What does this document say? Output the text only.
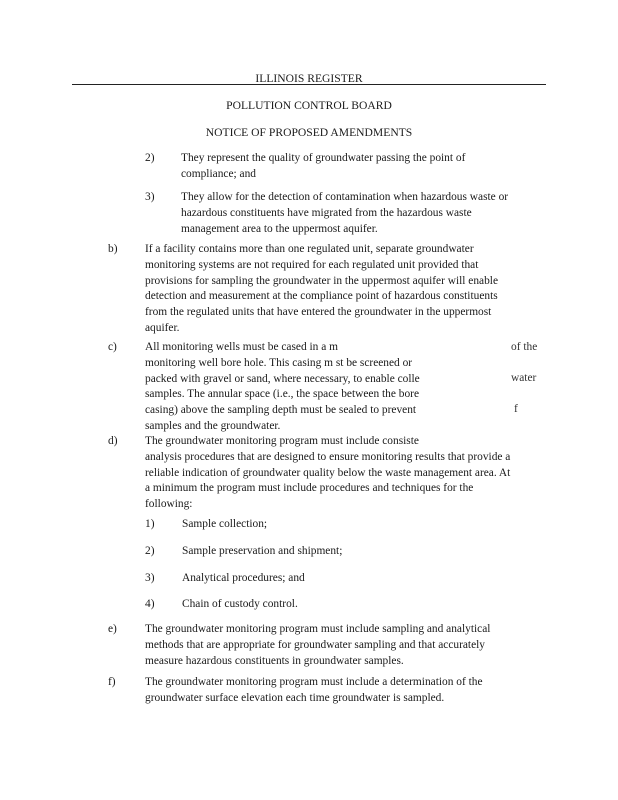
ILLINOIS REGISTER
POLLUTION CONTROL BOARD
NOTICE OF PROPOSED AMENDMENTS
2) They represent the quality of groundwater passing the point of
compliance; and
3) They allow for the detection of contamination when hazardous waste or
hazardous constituents have migrated from the hazardous waste
management area to the uppermost aquifer.
b) If a facility contains more than one regulated unit, separate groundwater
monitoring systems are not required for each regulated unit provided that
provisions for sampling the groundwater in the uppermost aquifer will enable
detection and measurement at the compliance point of hazardous constituents
from the regulated units that have entered the groundwater in the uppermost
aquifer.
c) All monitoring wells must be cased in a m
monitoring well bore hole. This casing m st be screened or
packed with gravel or sand, where necessary, to enable colle
samples. The annular space (i.e., the space between the bore
casing) above the sampling depth must be sealed to prevent
samples and the groundwater.
of the
water
f
d) The groundwater monitoring program must include consiste
analysis procedures that are designed to ensure monitoring results that provide a
reliable indication of groundwater quality below the waste management area. At
a minimum the program must include procedures and techniques for the
following:
1) Sample collection;
2) Sample preservation and shipment;
3) Analytical procedures; and
4) Chain of custody control.
e) The groundwater monitoring program must include sampling and analytical
methods that are appropriate for groundwater sampling and that accurately
measure hazardous constituents in groundwater samples.
f)	The groundwater monitoring program must include a determination of the
groundwater surface elevation each time groundwater is sampled.
